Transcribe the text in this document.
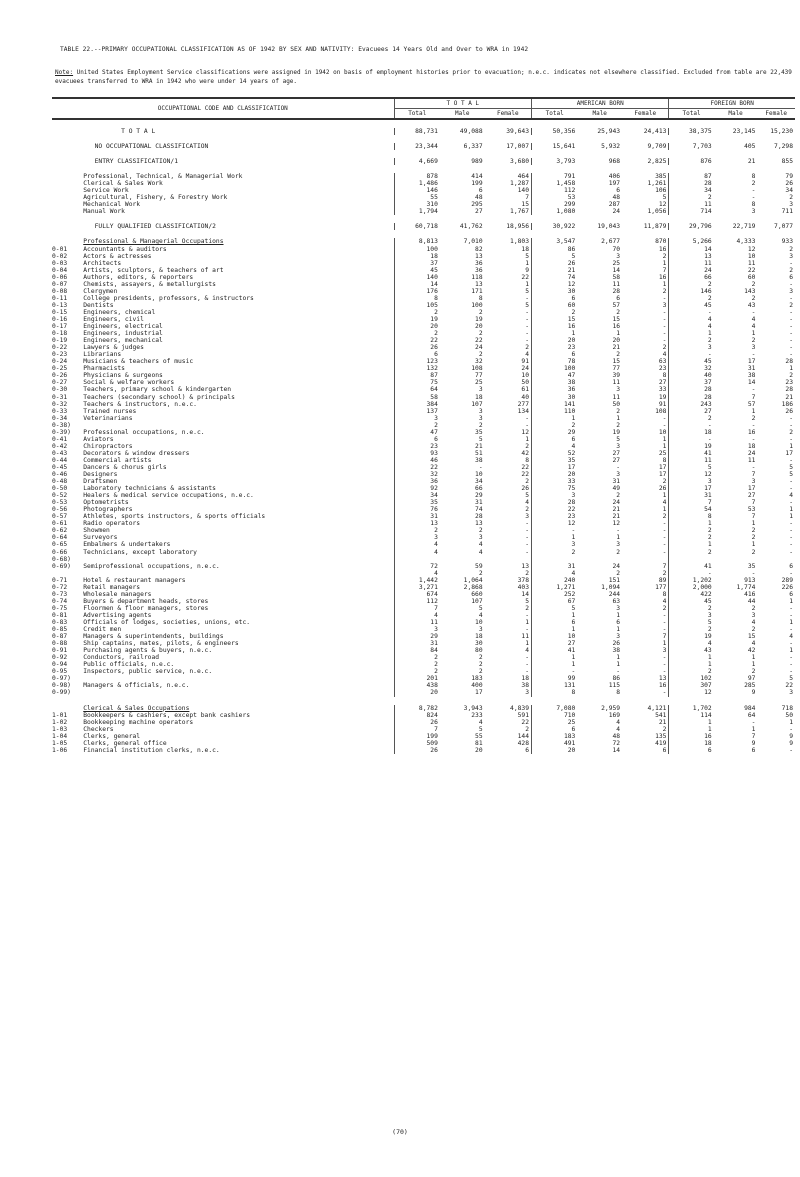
TABLE 22.--PRIMARY OCCUPATIONAL CLASSIFICATION AS OF 1942 BY SEX AND NATIVITY: Evacuees 14 Years Old and Over to WRA in 1942
Note: United States Employment Service classifications were assigned in 1942 on basis of employment histories prior to evacuation; n.e.c. indicates not elsewhere classified. Excluded from table are 22,439 evacuees transferred to WRA in 1942 who were under 14 years of age.
OCCUPATIONAL CODE AND CLASSIFICATION		T O T A L			AMERICAN BORN			FOREIGN BORN		
		Total	Male	Female	Total	Male	Female	Total	Male	Female

	T O T A L	88,731	49,088	39,643	50,356	25,943	24,413	38,375	23,145	15,230

	NO OCCUPATIONAL CLASSIFICATION	23,344	6,337	17,007	15,641	5,932	9,709	7,703	405	7,298

	ENTRY CLASSIFICATION/1	4,669	989	3,680	3,793	968	2,825	876	21	855

	Professional, Technical, & Managerial Work	878	414	464	791	406	385	87	8	79
	Clerical & Sales Work	1,486	199	1,287	1,458	197	1,261	28	2	26
	Service Work	146	6	140	112	6	106	34	-	34
	Agricultural, Fishery, & Forestry Work	55	48	7	53	48	5	2	-	2
	Mechanical Work	310	295	15	299	287	12	11	8	3
	Manual Work	1,794	27	1,767	1,080	24	1,056	714	3	711

	FULLY QUALIFIED CLASSIFICATION/2	60,718	41,762	18,956	30,922	19,043	11,879	29,796	22,719	7,077

	Professional & Managerial Occupations	8,813	7,010	1,803	3,547	2,677	870	5,266	4,333	933
0-01	Accountants & auditors	100	82	18	86	70	16	14	12	2
0-02	Actors & actresses	18	13	5	5	3	2	13	10	3
0-03	Architects	37	36	1	26	25	1	11	11	-
0-04	Artists, sculptors, & teachers of art	45	36	9	21	14	7	24	22	2
0-06	Authors, editors, & reporters	140	118	22	74	58	16	66	60	6
0-07	Chemists, assayers, & metallurgists	14	13	1	12	11	1	2	2	-
0-08	Clergymen	176	171	5	30	28	2	146	143	3
0-11	College presidents, professors, & instructors	8	8	-	6	6	-	2	2	-
0-13	Dentists	105	100	5	60	57	3	45	43	2
0-15	Engineers, chemical	2	2	-	2	2	-	-	-	-
0-16	Engineers, civil	19	19	-	15	15	-	4	4	-
0-17	Engineers, electrical	20	20	-	16	16	-	4	4	-
0-18	Engineers, industrial	2	2	-	1	1	-	1	1	-
0-19	Engineers, mechanical	22	22	-	20	20	-	2	2	-
0-22	Lawyers & judges	26	24	2	23	21	2	3	3	-
0-23	Librarians	6	2	4	6	2	4	-	-	-
0-24	Musicians & teachers of music	123	32	91	78	15	63	45	17	28
0-25	Pharmacists	132	108	24	100	77	23	32	31	1
0-26	Physicians & surgeons	87	77	10	47	39	8	40	38	2
0-27	Social & welfare workers	75	25	50	38	11	27	37	14	23
0-30	Teachers, primary school & kindergarten	64	3	61	36	3	33	28	-	28
0-31	Teachers (secondary school) & principals	58	18	40	30	11	19	28	7	21
0-32	Teachers & instructors, n.e.c.	384	107	277	141	50	91	243	57	186
0-33	Trained nurses	137	3	134	110	2	108	27	1	26
0-34	Veterinarians	3	3	-	1	1	-	2	2	-
0-38)		2	2	-	2	2	-	-	-	-
0-39)	Professional occupations, n.e.c.	47	35	12	29	19	10	18	16	2
0-41	Aviators	6	5	1	6	5	1	-	-	-
0-42	Chiropractors	23	21	2	4	3	1	19	18	1
0-43	Decorators & window dressers	93	51	42	52	27	25	41	24	17
0-44	Commercial artists	46	38	8	35	27	8	11	11	-
0-45	Dancers & chorus girls	22	-	22	17	-	17	5	-	5
0-46	Designers	32	10	22	20	3	17	12	7	5
0-48	Draftsmen	36	34	2	33	31	2	3	3	-
0-50	Laboratory technicians & assistants	92	66	26	75	49	26	17	17	-
0-52	Healers & medical service occupations, n.e.c.	34	29	5	3	2	1	31	27	4
0-53	Optometrists	35	31	4	28	24	4	7	7	-
0-56	Photographers	76	74	2	22	21	1	54	53	1
0-57	Athletes, sports instructors, & sports officials	31	28	3	23	21	2	8	7	1
0-61	Radio operators	13	13	-	12	12	-	1	1	-
0-62	Showmen	2	2	-	-	-	-	2	2	-
0-64	Surveyors	3	3	-	1	1	-	2	2	-
0-65	Embalmers & undertakers	4	4	-	3	3	-	1	1	-
0-66	Technicians, except laboratory	4	4	-	2	2	-	2	2	-
0-68)										
0-69)	Semiprofessional occupations, n.e.c.	72	59	13	31	24	7	41	35	6
		4	2	2	4	2	2	-	-	-
0-71	Hotel & restaurant managers	1,442	1,064	378	240	151	89	1,202	913	289
0-72	Retail managers	3,271	2,868	403	1,271	1,094	177	2,000	1,774	226
0-73	Wholesale managers	674	660	14	252	244	8	422	416	6
0-74	Buyers & department heads, stores	112	107	5	67	63	4	45	44	1
0-75	Floormen & floor managers, stores	7	5	2	5	3	2	2	2	-
0-81	Advertising agents	4	4	-	1	1	-	3	3	-
0-83	Officials of lodges, societies, unions, etc.	11	10	1	6	6	-	5	4	1
0-85	Credit men	3	3	-	1	1	-	2	2	-
0-87	Managers & superintendents, buildings	29	18	11	10	3	7	19	15	4
0-88	Ship captains, mates, pilots, & engineers	31	30	1	27	26	1	4	4	-
0-91	Purchasing agents & buyers, n.e.c.	84	80	4	41	38	3	43	42	1
0-92	Conductors, railroad	2	2	-	1	1	-	1	1	-
0-94	Public officials, n.e.c.	2	2	-	1	1	-	1	1	-
0-95	Inspectors, public service, n.e.c.	2	2	-	-	-	-	2	2	-
0-97)		201	183	18	99	86	13	102	97	5
0-98)	Managers & officials, n.e.c.	438	400	38	131	115	16	307	285	22
0-99)		20	17	3	8	8	-	12	9	3

	Clerical & Sales Occupations	8,782	3,943	4,839	7,080	2,959	4,121	1,702	984	718
1-01	Bookkeepers & cashiers, except bank cashiers	824	233	591	710	169	541	114	64	50
1-02	Bookkeeping machine operators	26	4	22	25	4	21	1	-	1
1-03	Checkers	7	5	2	6	4	2	1	1	-
1-04	Clerks, general	199	55	144	183	48	135	16	7	9
1-05	Clerks, general office	509	81	428	491	72	419	18	9	9
1-06	Financial institution clerks, n.e.c.	26	20	6	20	14	6	6	6	-
(70)
